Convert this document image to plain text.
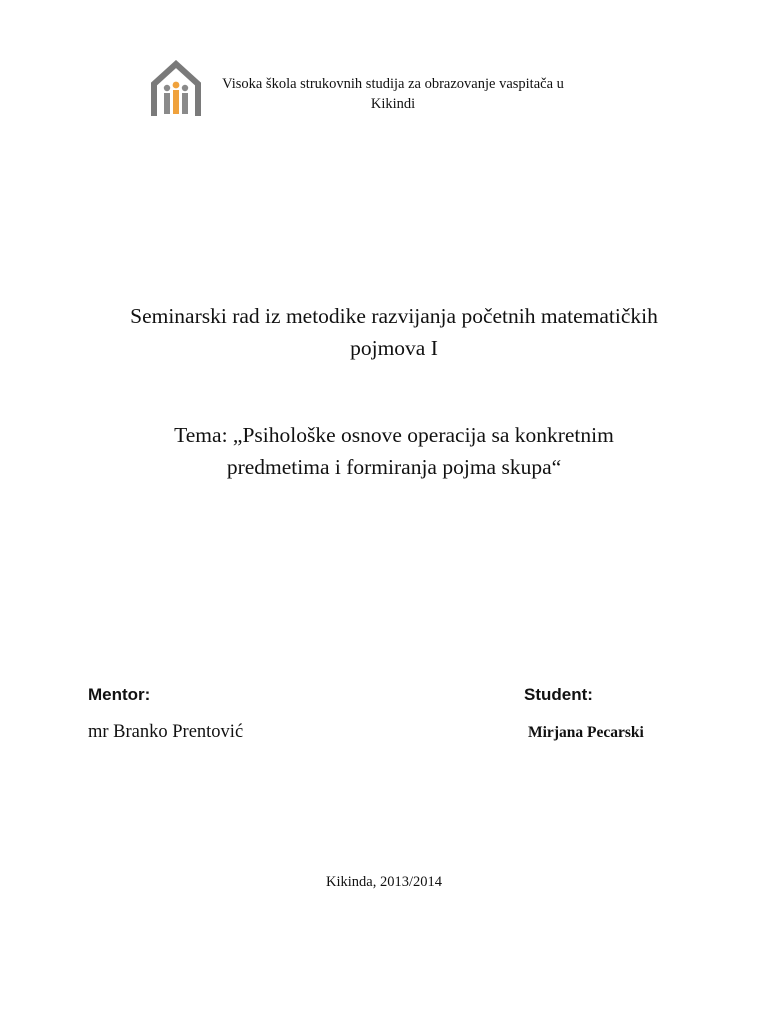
Visoka škola strukovnih studija za obrazovanje vaspitača u
Kikindi
Seminarski rad iz metodike razvijanja početnih matematičkih
pojmova I
Tema: „Psihološke osnove operacija sa konkretnim
predmetima i formiranja pojma skupa“
Mentor:	Student:
mr Branko Prentović	Mirjana Pecarski
Kikinda, 2013/2014
